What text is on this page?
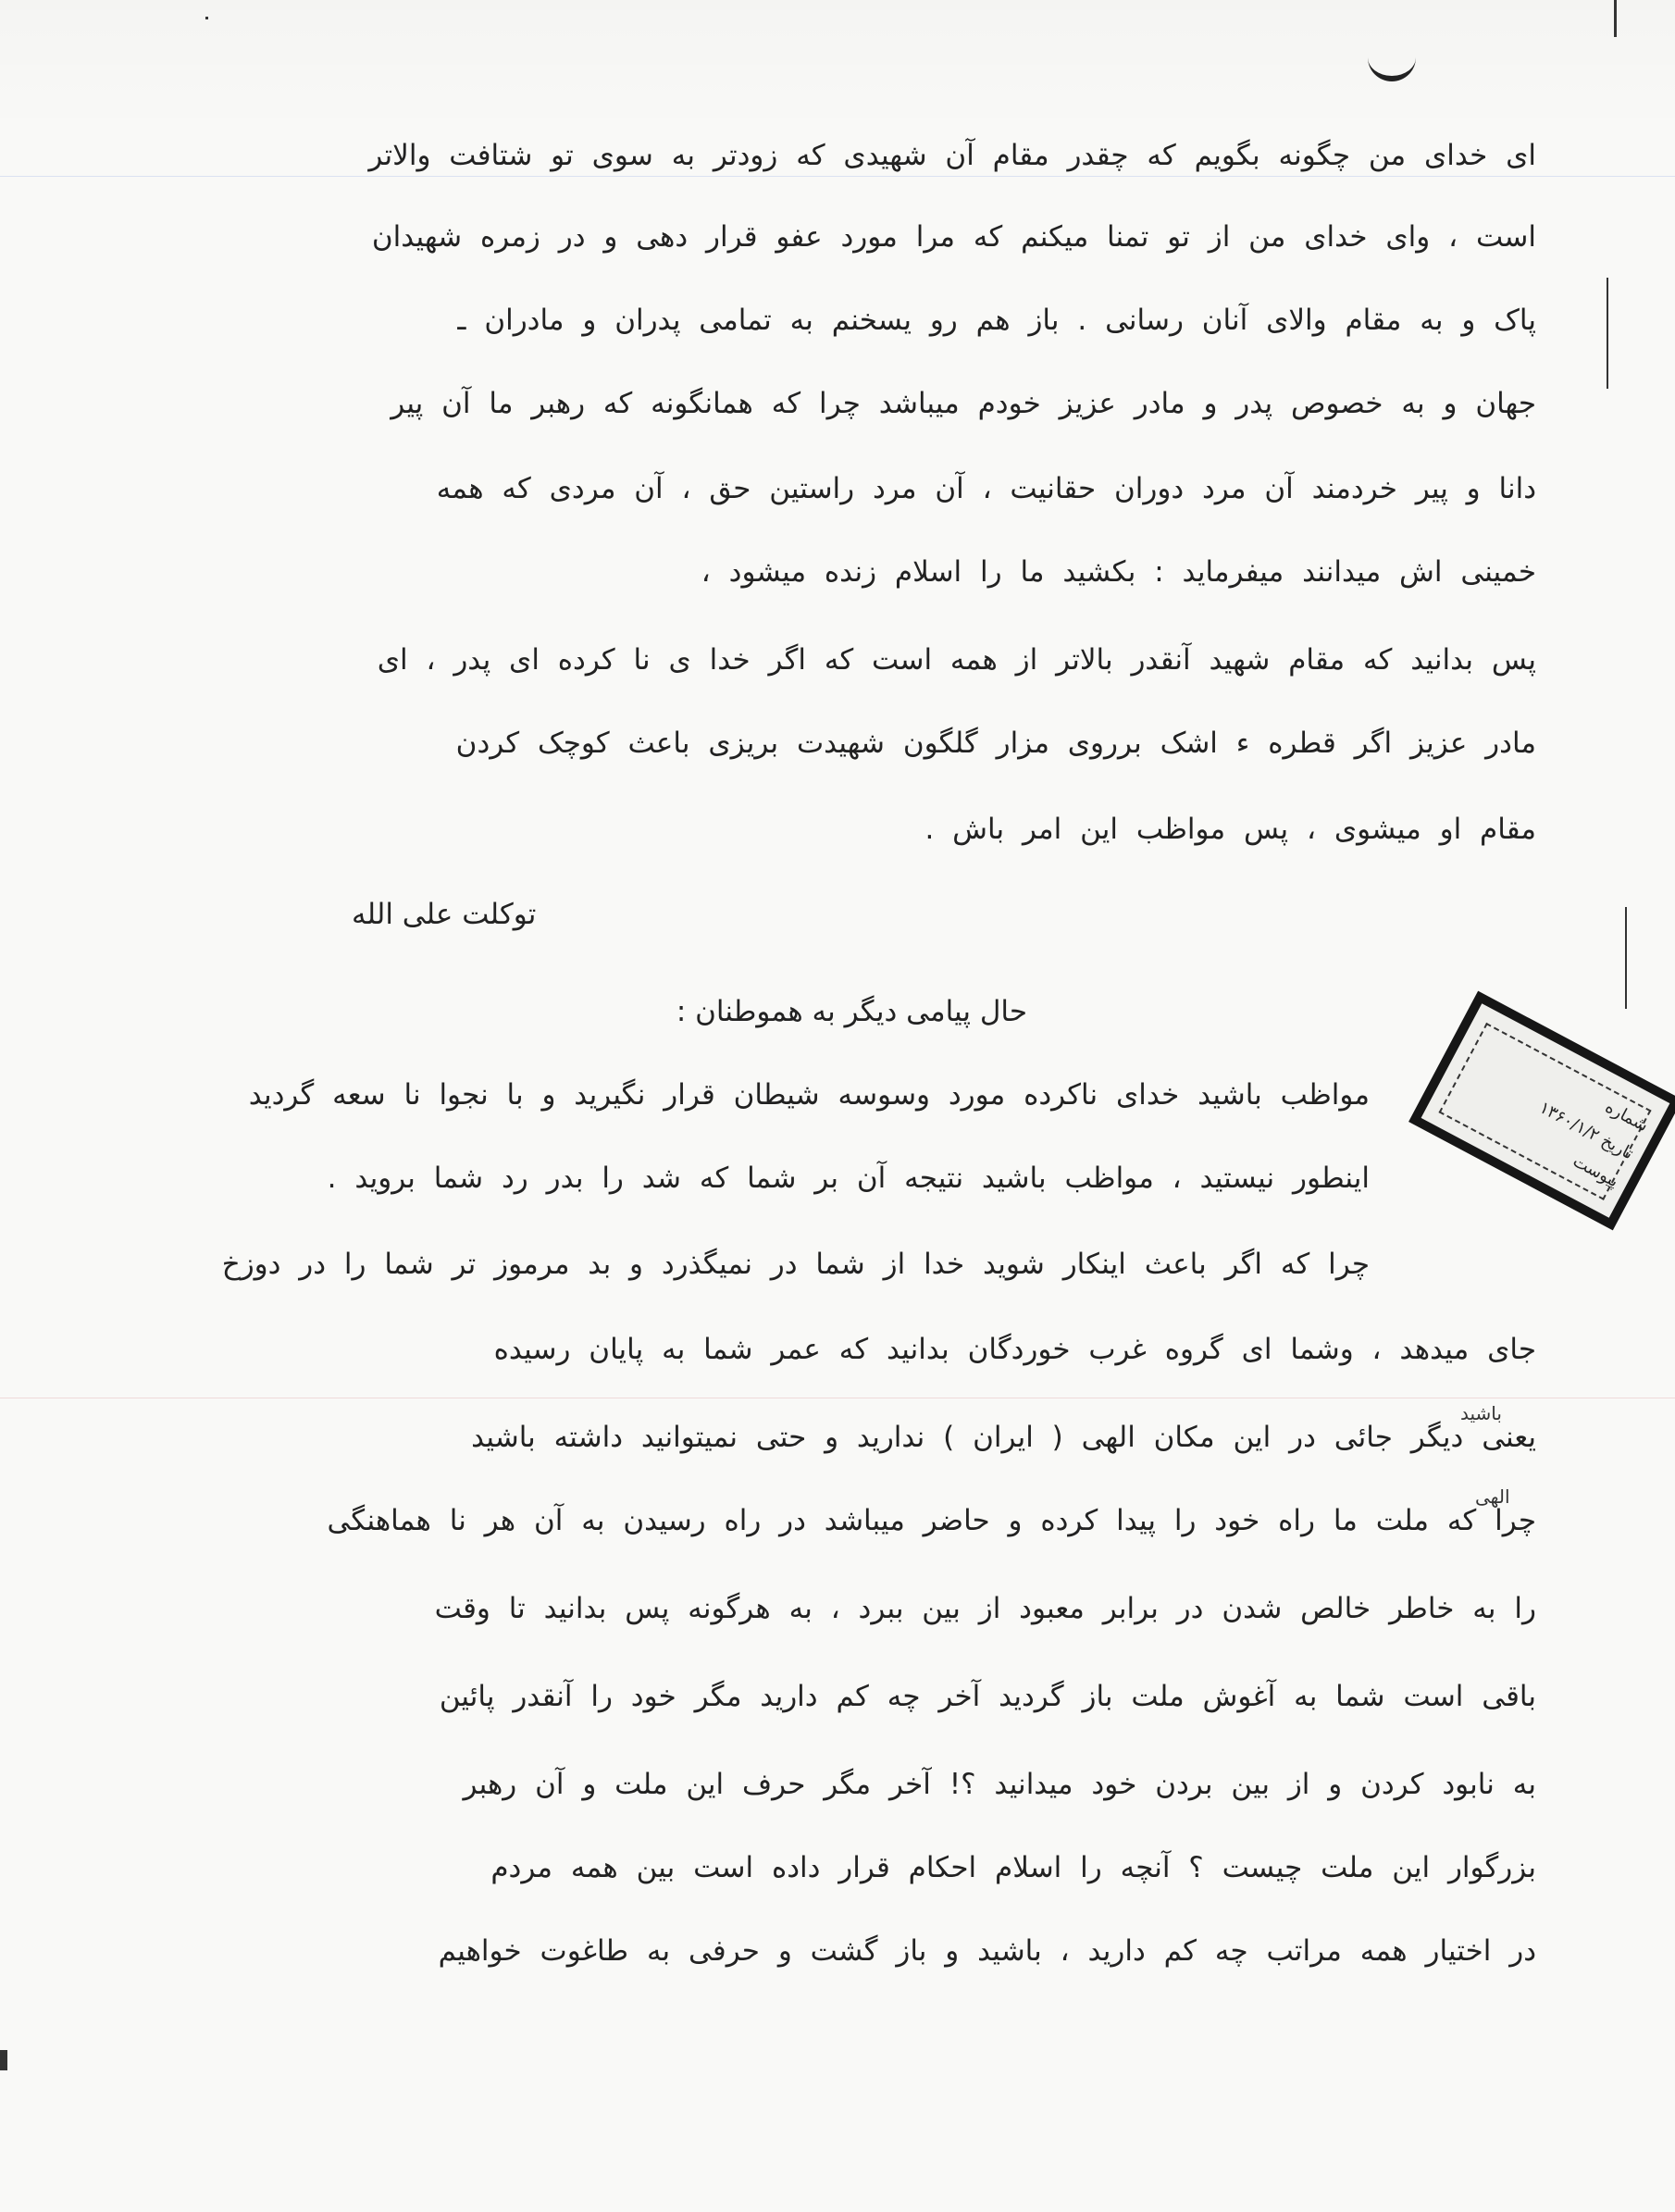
ای خدای من چگونه بگویم که چقدر مقام آن شهیدی که زودتر به سوی تو شتافت والاتر
است ، وای خدای من از تو تمنا میکنم که مرا مورد عفو قرار دهی و در زمره شهیدان
پاک و به مقام والای آنان رسانی . باز هم رو یسخنم به تمامی پدران و مادران ـ
جهان و به خصوص پدر و مادر عزیز خودم میباشد چرا که همانگونه که رهبر ما آن پیر
دانا و پیر خردمند آن مرد دوران حقانیت ، آن مرد راستین حق ، آن مردی که همه
خمینی اش میدانند میفرماید : بکشید ما را اسلام زنده میشود ،
پس بدانید که مقام شهید آنقدر بالاتر از همه است که اگر خدا ی نا کرده ای پدر ، ای
مادر عزیز اگر قطره ء اشک برروی مزار گلگون شهیدت بریزی باعث کوچک کردن
مقام او میشوی ، پس مواظب این امر باش .
توکلت علی الله
حال پیامی دیگر به هموطنان :
مواظب باشید خدای ناکرده مورد وسوسه شیطان قرار نگیرید و با نجوا نا سعه گردید
اینطور نیستید ، مواظب باشید نتیجه آن بر شما که شد را بدر رد شما بروید .
چرا که اگر باعث اینکار شوید خدا از شما در نمیگذرد و بد مرموز تر شما را در دوزخ
جای میدهد ، وشما ای گروه غرب خوردگان بدانید که عمر شما به پایان رسیده
یعنی دیگر جائی در این مکان الهی ( ایران ) ندارید و حتی نمیتوانید داشته باشید
چرا که ملت ما راه خود را پیدا کرده و حاضر میباشد در راه رسیدن به آن هر نا هماهنگی
را به خاطر خالص شدن در برابر معبود از بین ببرد ، به هرگونه پس بدانید تا وقت
باقی است شما به آغوش ملت باز گردید آخر چه کم دارید مگر خود را آنقدر پائین
به نابود کردن و از بین بردن خود میدانید ؟! آخر مگر حرف این ملت و آن رهبر
بزرگوار این ملت چیست ؟ آنچه را اسلام احکام قرار داده است بین همه مردم
در اختیار همه مراتب چه کم دارید ، باشید و باز گشت و حرفی به طاغوت خواهیم
باشید
الهی
شماره
تاریخ ۱۳۶۰/۱/۲
پیوست
